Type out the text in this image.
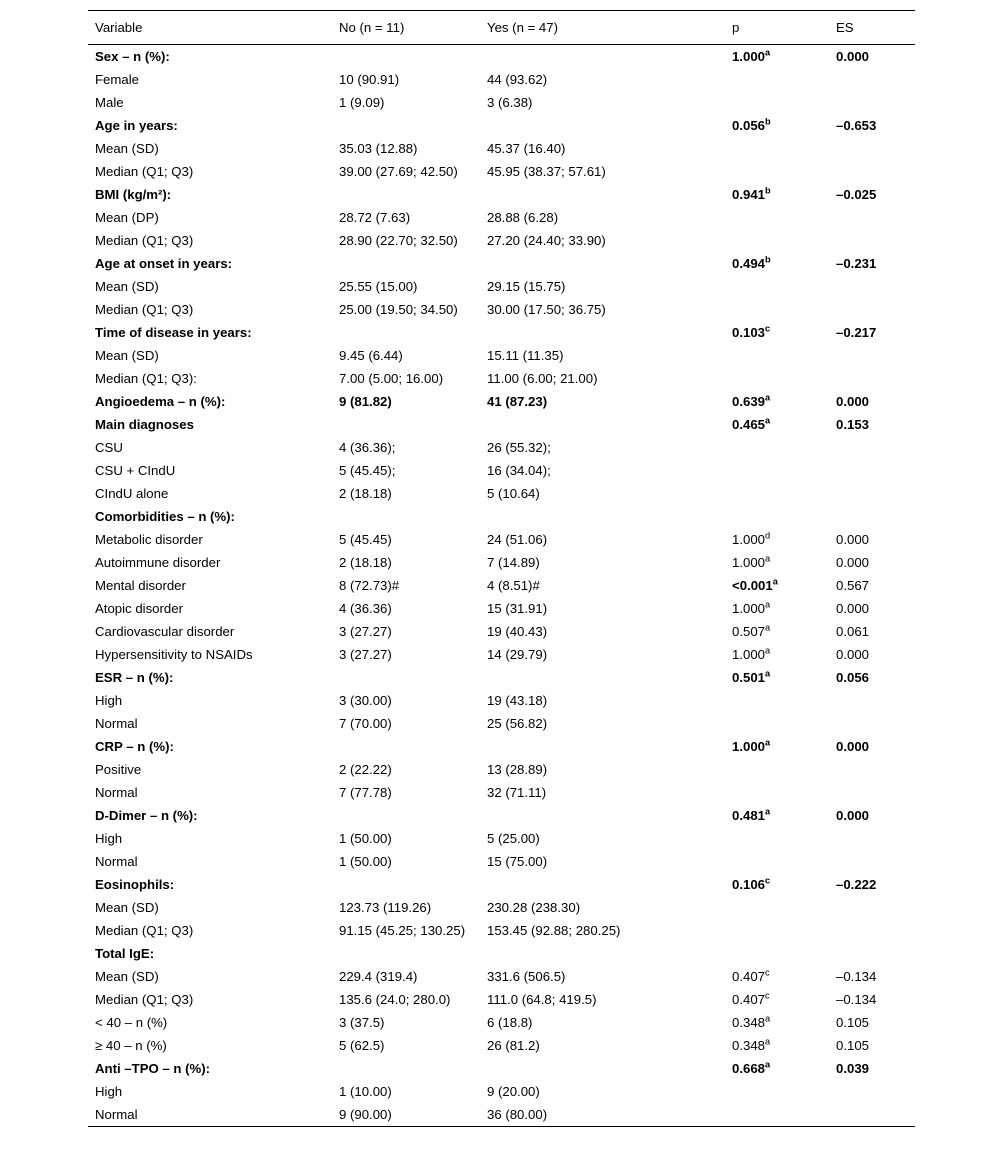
Variable	No (n = 11)	Yes (n = 47)	p	ES

Sex – n (%):			1.000$^a$	0.000
Female	10 (90.91)	44 (93.62)		
Male	1 (9.09)	3 (6.38)		
Age in years:			0.056$^b$	–0.653
Mean (SD)	35.03 (12.88)	45.37 (16.40)		
Median (Q1; Q3)	39.00 (27.69; 42.50)	45.95 (38.37; 57.61)		
BMI (kg/m²):			0.941$^b$	–0.025
Mean (DP)	28.72 (7.63)	28.88 (6.28)		
Median (Q1; Q3)	28.90 (22.70; 32.50)	27.20 (24.40; 33.90)		
Age at onset in years:			0.494$^b$	–0.231
Mean (SD)	25.55 (15.00)	29.15 (15.75)		
Median (Q1; Q3)	25.00 (19.50; 34.50)	30.00 (17.50; 36.75)		
Time of disease in years:			0.103$^c$	–0.217
Mean (SD)	9.45 (6.44)	15.11 (11.35)		
Median (Q1; Q3):	7.00 (5.00; 16.00)	11.00 (6.00; 21.00)		
Angioedema – n (%):	9 (81.82)	41 (87.23)	0.639$^a$	0.000
Main diagnoses			0.465$^a$	0.153
CSU	4 (36.36);	26 (55.32);		
CSU + CIndU	5 (45.45);	16 (34.04);		
CIndU alone	2 (18.18)	5 (10.64)		
Comorbidities – n (%):				
Metabolic disorder	5 (45.45)	24 (51.06)	1.000$^d$	0.000
Autoimmune disorder	2 (18.18)	7 (14.89)	1.000$^a$	0.000
Mental disorder	8 (72.73)#	4 (8.51)#	<0.001$^a$	0.567
Atopic disorder	4 (36.36)	15 (31.91)	1.000$^a$	0.000
Cardiovascular disorder	3 (27.27)	19 (40.43)	0.507$^a$	0.061
Hypersensitivity to NSAIDs	3 (27.27)	14 (29.79)	1.000$^a$	0.000
ESR – n (%):			0.501$^a$	0.056
High	3 (30.00)	19 (43.18)		
Normal	7 (70.00)	25 (56.82)		
CRP – n (%):			1.000$^a$	0.000
Positive	2 (22.22)	13 (28.89)		
Normal	7 (77.78)	32 (71.11)		
D-Dimer – n (%):			0.481$^a$	0.000
High	1 (50.00)	5 (25.00)		
Normal	1 (50.00)	15 (75.00)		
Eosinophils:			0.106$^c$	–0.222
Mean (SD)	123.73 (119.26)	230.28 (238.30)		
Median (Q1; Q3)	91.15 (45.25; 130.25)	153.45 (92.88; 280.25)		
Total IgE:				
Mean (SD)	229.4 (319.4)	331.6 (506.5)	0.407$^c$	–0.134
Median (Q1; Q3)	135.6 (24.0; 280.0)	111.0 (64.8; 419.5)	0.407$^c$	–0.134
< 40 – n (%)	3 (37.5)	6 (18.8)	0.348$^a$	0.105
≥ 40 – n (%)	5 (62.5)	26 (81.2)	0.348$^a$	0.105
Anti –TPO – n (%):			0.668$^a$	0.039
High	1 (10.00)	9 (20.00)		
Normal	9 (90.00)	36 (80.00)		
